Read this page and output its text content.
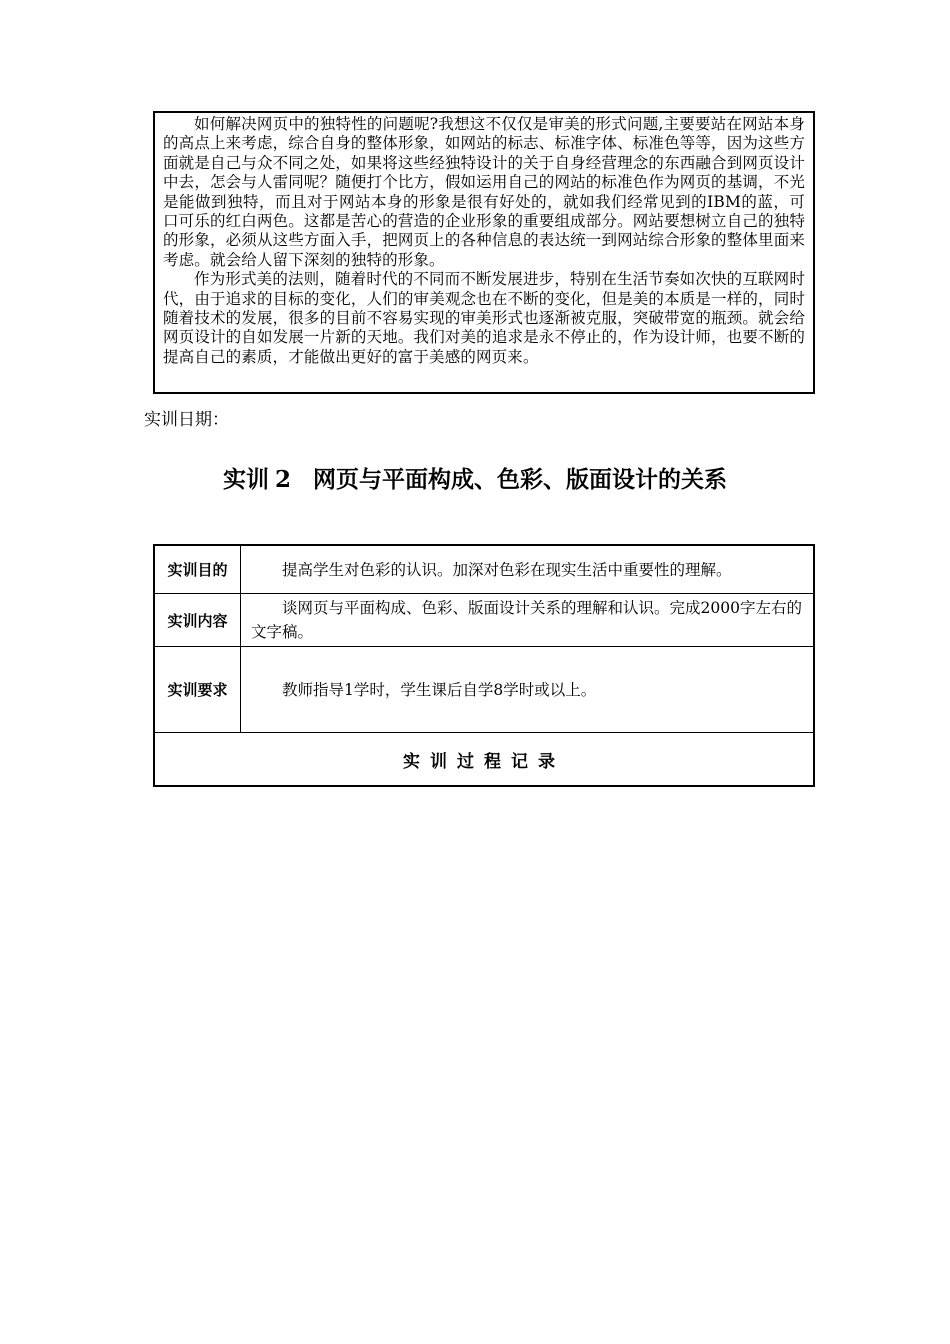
如何解决网页中的独特性的问题呢?我想这不仅仅是审美的形式问题,主要要站在网站本身的高点上来考虑，综合自身的整体形象，如网站的标志、标准字体、标准色等等，因为这些方面就是自己与众不同之处，如果将这些经独特设计的关于自身经营理念的东西融合到网页设计中去，怎会与人雷同呢？随便打个比方，假如运用自己的网站的标准色作为网页的基调，不光是能做到独特，而且对于网站本身的形象是很有好处的，就如我们经常见到的IBM的蓝，可口可乐的红白两色。这都是苦心的营造的企业形象的重要组成部分。网站要想树立自己的独特的形象，必须从这些方面入手，把网页上的各种信息的表达统一到网站综合形象的整体里面来考虑。就会给人留下深刻的独特的形象。

作为形式美的法则，随着时代的不同而不断发展进步，特别在生活节奏如次快的互联网时代，由于追求的目标的变化，人们的审美观念也在不断的变化，但是美的本质是一样的，同时随着技术的发展，很多的目前不容易实现的审美形式也逐渐被克服，突破带宽的瓶颈。就会给网页设计的自如发展一片新的天地。我们对美的追求是永不停止的，作为设计师，也要不断的提高自己的素质，才能做出更好的富于美感的网页来。

实训日期：
实训 2 网页与平面构成、色彩、版面设计的关系
实训目的	提高学生对色彩的认识。加深对色彩在现实生活中重要性的理解。
实训内容	谈网页与平面构成、色彩、版面设计关系的理解和认识。完成2000字左右的文字稿。
实训要求	教师指导1学时，学生课后自学8学时或以上。
实训过程记录	
